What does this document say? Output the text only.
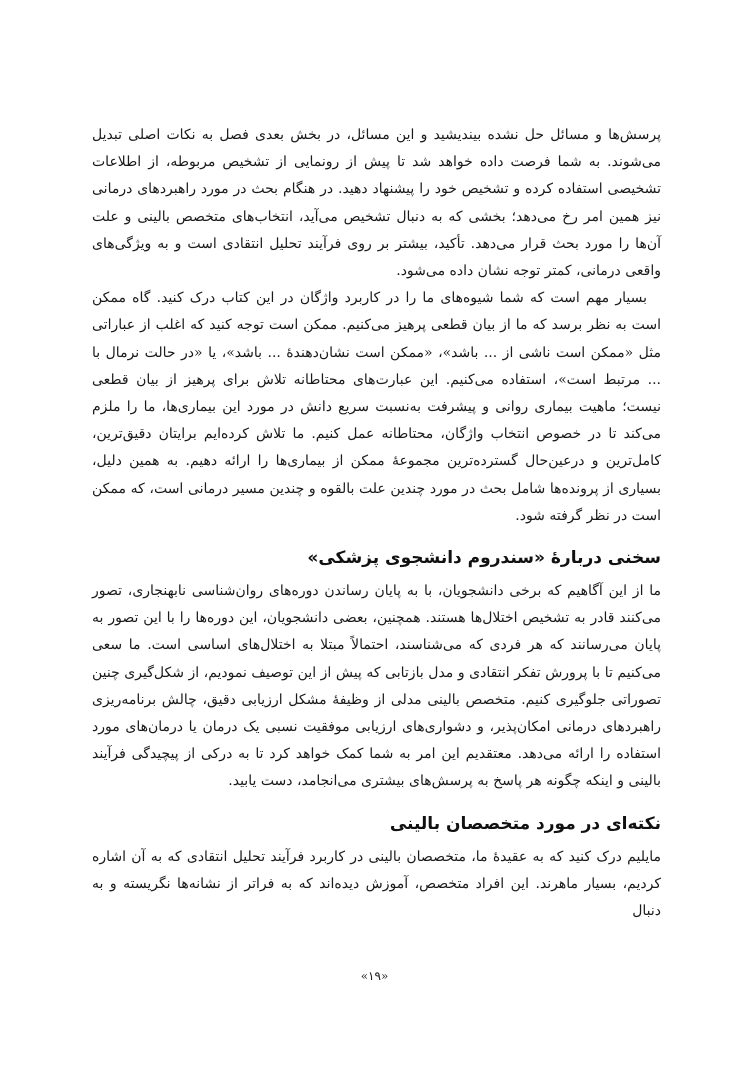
پرسش‌ها و مسائل حل نشده بیندیشید و این مسائل، در بخش بعدی فصل به نکات اصلی تبدیل می‌شوند. به شما فرصت داده خواهد شد تا پیش از رونمایی از تشخیص مربوطه، از اطلاعات تشخیصی استفاده کرده و تشخیص خود را پیشنهاد دهید. در هنگام بحث در مورد راهبردهای درمانی نیز همین امر رخ می‌دهد؛ بخشی که به دنبال تشخیص می‌آید، انتخاب‌های متخصص بالینی و علت آن‌ها را مورد بحث قرار می‌دهد. تأکید، بیشتر بر روی فرآیند تحلیل انتقادی است و به ویژگی‌های واقعی درمانی، کمتر توجه نشان داده می‌شود.

بسیار مهم است که شما شیوه‌های ما را در کاربرد واژگان در این کتاب درک کنید. گاه ممکن است به نظر برسد که ما از بیان قطعی پرهیز می‌کنیم. ممکن است توجه کنید که اغلب از عباراتی مثل «ممکن است ناشی از ... باشد»، «ممکن است نشان‌دهندهٔ ... باشد»، یا «در حالت نرمال با ... مرتبط است»، استفاده می‌کنیم. این عبارت‌های محتاطانه تلاش برای پرهیز از بیان قطعی نیست؛ ماهیت بیماری روانی و پیشرفت به‌نسبت سریع دانش در مورد این بیماری‌ها، ما را ملزم می‌کند تا در خصوص انتخاب واژگان، محتاطانه عمل کنیم. ما تلاش کرده‌ایم برایتان دقیق‌ترین، کامل‌ترین و درعین‌حال گسترده‌ترین مجموعهٔ ممکن از بیماری‌ها را ارائه دهیم. به همین دلیل، بسیاری از پرونده‌ها شامل بحث در مورد چندین علت بالقوه و چندین مسیر درمانی است، که ممکن است در نظر گرفته شود.

سخنی دربارهٔ «سندروم دانشجوی پزشکی»

ما از این آگاهیم که برخی دانشجویان، با به پایان رساندن دوره‌های روان‌شناسی نابهنجاری، تصور می‌کنند قادر به تشخیص اختلال‌ها هستند. همچنین، بعضی دانشجویان، این دوره‌ها را با این تصور به پایان می‌رسانند که هر فردی که می‌شناسند، احتمالاً مبتلا به اختلال‌های اساسی است. ما سعی می‌کنیم تا با پرورش تفکر انتقادی و مدل بازتابی که پیش از این توصیف نمودیم، از شکل‌گیری چنین تصوراتی جلوگیری کنیم. متخصص بالینی مدلی از وظیفهٔ مشکل ارزیابی دقیق، چالش برنامه‌ریزی راهبردهای درمانی امکان‌پذیر، و دشواری‌های ارزیابی موفقیت نسبی یک درمان یا درمان‌های مورد استفاده را ارائه می‌دهد. معتقدیم این امر به شما کمک خواهد کرد تا به درکی از پیچیدگی فرآیند بالینی و اینکه چگونه هر پاسخ به پرسش‌های بیشتری می‌انجامد، دست یابید.

نکته‌ای در مورد متخصصان بالینی

مایلیم درک کنید که به عقیدهٔ ما، متخصصان بالینی در کاربرد فرآیند تحلیل انتقادی که به آن اشاره کردیم، بسیار ماهرند. این افراد متخصص، آموزش دیده‌اند که به فراتر از نشانه‌ها نگریسته و به دنبال

«۱۹»
